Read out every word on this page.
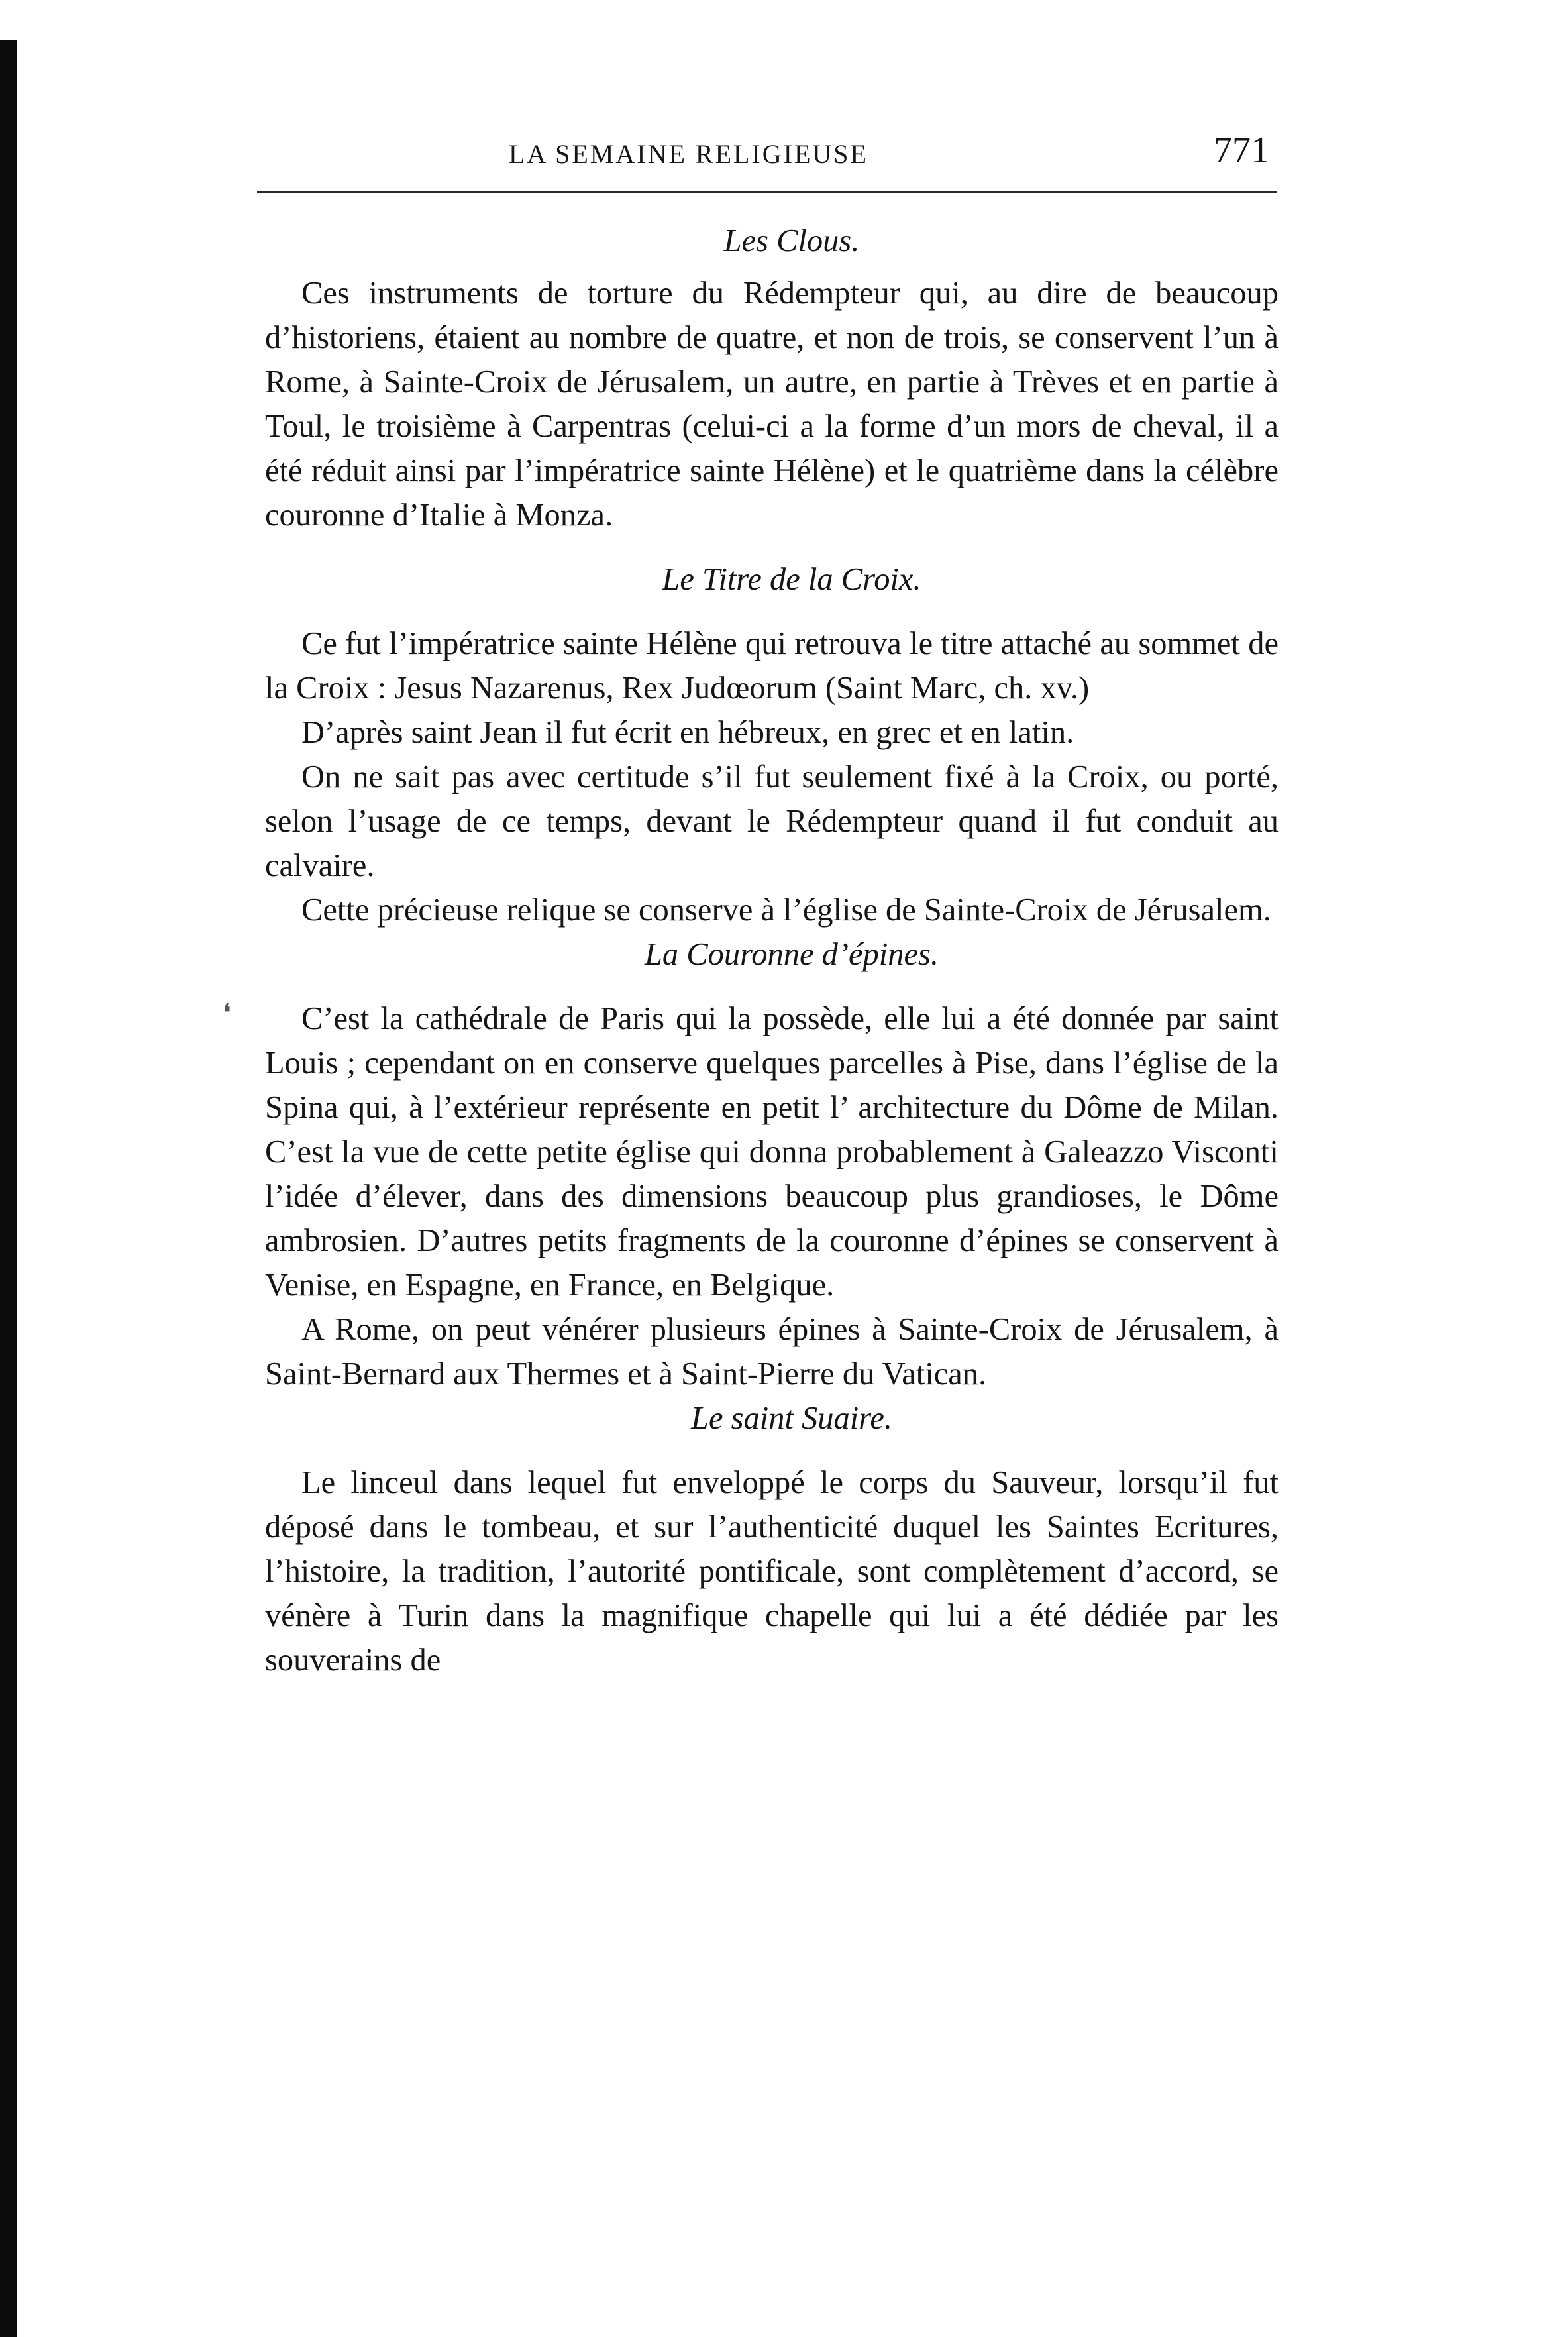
LA SEMAINE RELIGIEUSE	771

Les Clous.

Ces instruments de torture du Rédempteur qui, au dire de beaucoup d’historiens, étaient au nombre de quatre, et non de trois, se conservent l’un à Rome, à Sainte-Croix de Jérusalem, un autre, en partie à Trèves et en partie à Toul, le troisième à Carpentras (celui-ci a la forme d’un mors de cheval, il a été réduit ainsi par l’impératrice sainte Hélène) et le quatrième dans la célèbre couronne d’Italie à Monza.

Le Titre de la Croix.

Ce fut l’impératrice sainte Hélène qui retrouva le titre attaché au sommet de la Croix : Jesus Nazarenus, Rex Judœorum (Saint Marc, ch. xv.)

D’après saint Jean il fut écrit en hébreux, en grec et en latin.

On ne sait pas avec certitude s’il fut seulement fixé à la Croix, ou porté, selon l’usage de ce temps, devant le Rédempteur quand il fut conduit au calvaire.

Cette précieuse relique se conserve à l’église de Sainte-Croix de Jérusalem.

La Couronne d’épines.

C’est la cathédrale de Paris qui la possède, elle lui a été donnée par saint Louis ; cependant on en conserve quelques parcelles à Pise, dans l’église de la Spina qui, à l’extérieur représente en petit l’ architecture du Dôme de Milan. C’est la vue de cette petite église qui donna probablement à Galeazzo Visconti l’idée d’élever, dans des dimensions beaucoup plus grandioses, le Dôme ambrosien. D’autres petits fragments de la couronne d’épines se conservent à Venise, en Espagne, en France, en Belgique.

A Rome, on peut vénérer plusieurs épines à Sainte-Croix de Jérusalem, à Saint-Bernard aux Thermes et à Saint-Pierre du Vatican.

Le saint Suaire.

Le linceul dans lequel fut enveloppé le corps du Sauveur, lorsqu’il fut déposé dans le tombeau, et sur l’authenticité duquel les Saintes Ecritures, l’histoire, la tradition, l’autorité pontificale, sont complètement d’accord, se vénère à Turin dans la magnifique chapelle qui lui a été dédiée par les souverains de

❛
